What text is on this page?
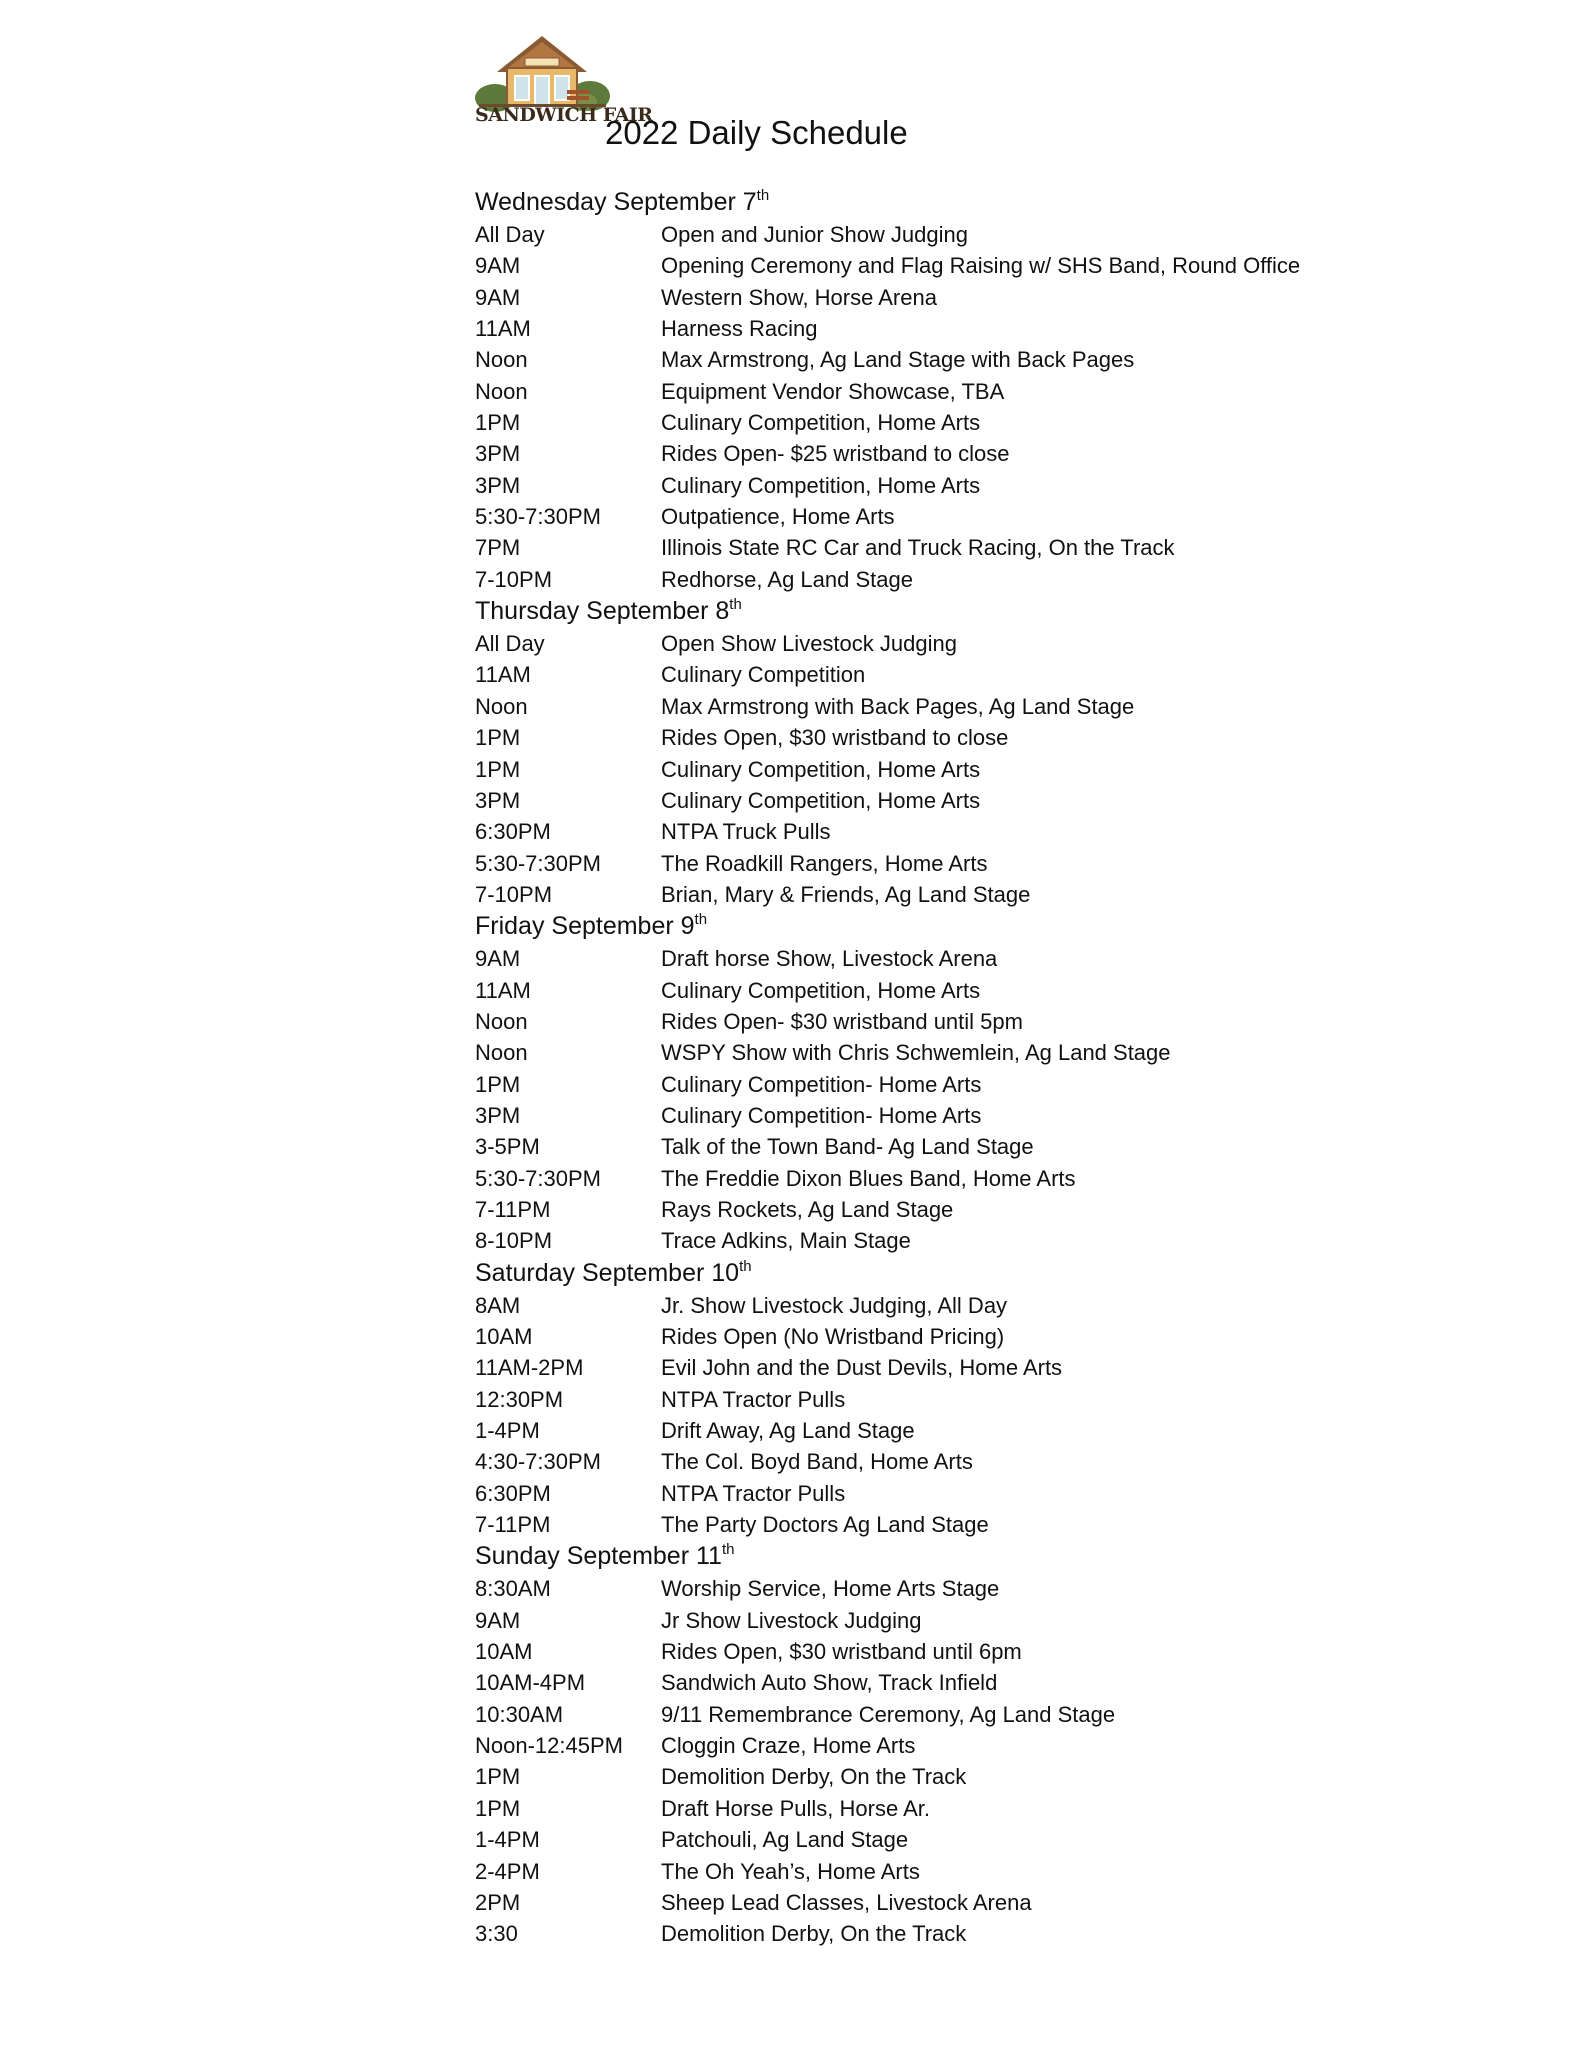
SANDWICH FAIR
2022 Daily Schedule
Wednesday September 7th
All Day	Open and Junior Show Judging
9AM	Opening Ceremony and Flag Raising w/ SHS Band, Round Office
9AM	Western Show, Horse Arena
11AM	Harness Racing
Noon	Max Armstrong, Ag Land Stage with Back Pages
Noon	Equipment Vendor Showcase, TBA
1PM	Culinary Competition, Home Arts
3PM	Rides Open- $25 wristband to close
3PM	Culinary Competition, Home Arts
5:30-7:30PM	Outpatience, Home Arts
7PM	Illinois State RC Car and Truck Racing, On the Track
7-10PM	Redhorse, Ag Land Stage
Thursday September 8th
All Day	Open Show Livestock Judging
11AM	Culinary Competition
Noon	Max Armstrong with Back Pages, Ag Land Stage
1PM	Rides Open, $30 wristband to close
1PM	Culinary Competition, Home Arts
3PM	Culinary Competition, Home Arts
6:30PM	NTPA Truck Pulls
5:30-7:30PM	The Roadkill Rangers, Home Arts
7-10PM	Brian, Mary & Friends, Ag Land Stage
Friday September 9th
9AM	Draft horse Show, Livestock Arena
11AM	Culinary Competition, Home Arts
Noon	Rides Open- $30 wristband until 5pm
Noon	WSPY Show with Chris Schwemlein, Ag Land Stage
1PM	Culinary Competition- Home Arts
3PM	Culinary Competition- Home Arts
3-5PM	Talk of the Town Band- Ag Land Stage
5:30-7:30PM	The Freddie Dixon Blues Band, Home Arts
7-11PM	Rays Rockets, Ag Land Stage
8-10PM	Trace Adkins, Main Stage
Saturday September 10th
8AM	Jr. Show Livestock Judging, All Day
10AM	Rides Open (No Wristband Pricing)
11AM-2PM	Evil John and the Dust Devils, Home Arts
12:30PM	NTPA Tractor Pulls
1-4PM	Drift Away, Ag Land Stage
4:30-7:30PM	The Col. Boyd Band, Home Arts
6:30PM	NTPA Tractor Pulls
7-11PM	The Party Doctors Ag Land Stage
Sunday September 11th
8:30AM	Worship Service, Home Arts Stage
9AM	Jr Show Livestock Judging
10AM	Rides Open, $30 wristband until 6pm
10AM-4PM	Sandwich Auto Show, Track Infield
10:30AM	9/11 Remembrance Ceremony, Ag Land Stage
Noon-12:45PM	Cloggin Craze, Home Arts
1PM	Demolition Derby, On the Track
1PM	Draft Horse Pulls, Horse Ar.
1-4PM	Patchouli, Ag Land Stage
2-4PM	The Oh Yeah’s, Home Arts
2PM	Sheep Lead Classes, Livestock Arena
3:30	Demolition Derby, On the Track
